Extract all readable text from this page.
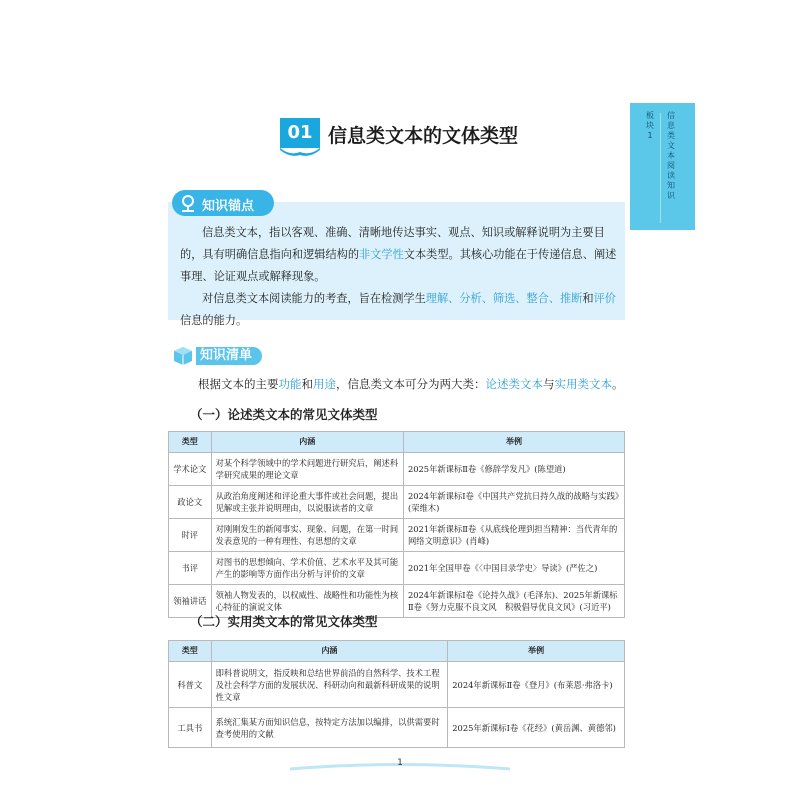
板块1
信息类文本阅读知识
01 信息类文本的文体类型
知识锚点

信息类文本，指以客观、准确、清晰地传达事实、观点、知识或解释说明为主要目的，具有明确信息指向和逻辑结构的非文学性文本类型。其核心功能在于传递信息、阐述事理、论证观点或解释现象。

对信息类文本阅读能力的考查，旨在检测学生理解、分析、筛选、整合、推断和评价信息的能力。

知识清单
根据文本的主要功能和用途，信息类文本可分为两大类：论述类文本与实用类文本。
（一）论述类文本的常见文体类型
类型	内涵	举例
学术论文	对某个科学领域中的学术问题进行研究后，阐述科学研究成果的理论文章	2025年新课标Ⅱ卷《修辞学发凡》(陈望道)
政论文	从政治角度阐述和评论重大事件或社会问题，提出见解或主张并说明理由，以说服读者的文章	2024年新课标Ⅰ卷《中国共产党抗日持久战的战略与实践》(荣维木)
时评	对刚刚发生的新闻事实、现象、问题，在第一时间发表意见的一种有理性、有思想的文章	2021年新课标Ⅱ卷《从底线伦理到担当精神：当代青年的网络文明意识》(肖峰)
书评	对图书的思想倾向、学术价值、艺术水平及其可能产生的影响等方面作出分析与评价的文章	2021年全国甲卷《〈中国目录学史〉导读》(严佐之)
领袖讲话	领袖人物发表的，以权威性、战略性和功能性为核心特征的演说文体	2024年新课标Ⅰ卷《论持久战》(毛泽东)、2025年新课标Ⅱ卷《努力克服不良文风　积极倡导优良文风》(习近平)
（二）实用类文本的常见文体类型
类型	内涵	举例
科普文	即科普说明文，指反映和总结世界前沿的自然科学、技术工程及社会科学方面的发展状况、科研动向和最新科研成果的说明性文章	2024年新课标Ⅱ卷《登月》(布莱恩·弗洛卡)
工具书	系统汇集某方面知识信息，按特定方法加以编排，以供需要时查考使用的文献	2025年新课标Ⅰ卷《花经》(黄岳渊、黄德邻)
1
